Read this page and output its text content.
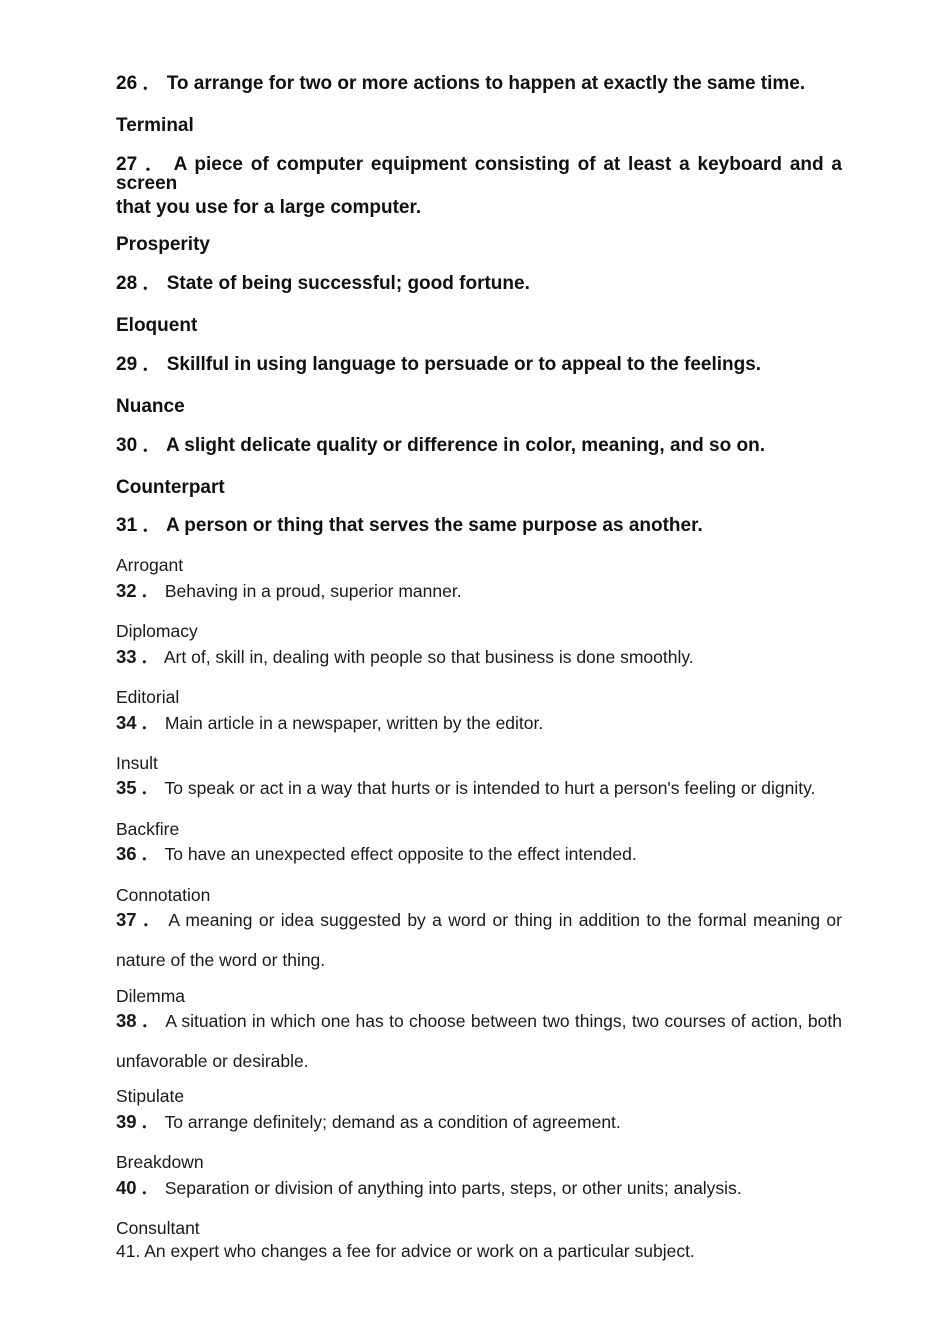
26 ． To arrange for two or more actions to happen at exactly the same time.
Terminal
27 ． A piece of computer equipment consisting of at least a keyboard and a screen
that you use for a large computer.
Prosperity
28 ． State of being successful; good fortune.
Eloquent
29 ． Skillful in using language to persuade or to appeal to the feelings.
Nuance
30 ． A slight delicate quality or difference in color, meaning, and so on.
Counterpart
31 ． A person or thing that serves the same purpose as another.
Arrogant
32 ． Behaving in a proud, superior manner.
Diplomacy
33 ． Art of, skill in, dealing with people so that business is done smoothly.
Editorial
34 ． Main article in a newspaper, written by the editor.
Insult
35 ． To speak or act in a way that hurts or is intended to hurt a person's feeling or dignity.
Backfire
36 ． To have an unexpected effect opposite to the effect intended.
Connotation
37 ． A meaning or idea suggested by a word or thing in addition to the formal meaning or
nature of the word or thing.
Dilemma
38 ． A situation in which one has to choose between two things, two courses of action, both
unfavorable or desirable.
Stipulate
39 ． To arrange definitely; demand as a condition of agreement.
Breakdown
40 ． Separation or division of anything into parts, steps, or other units; analysis.
Consultant
41. An expert who changes a fee for advice or work on a particular subject.
